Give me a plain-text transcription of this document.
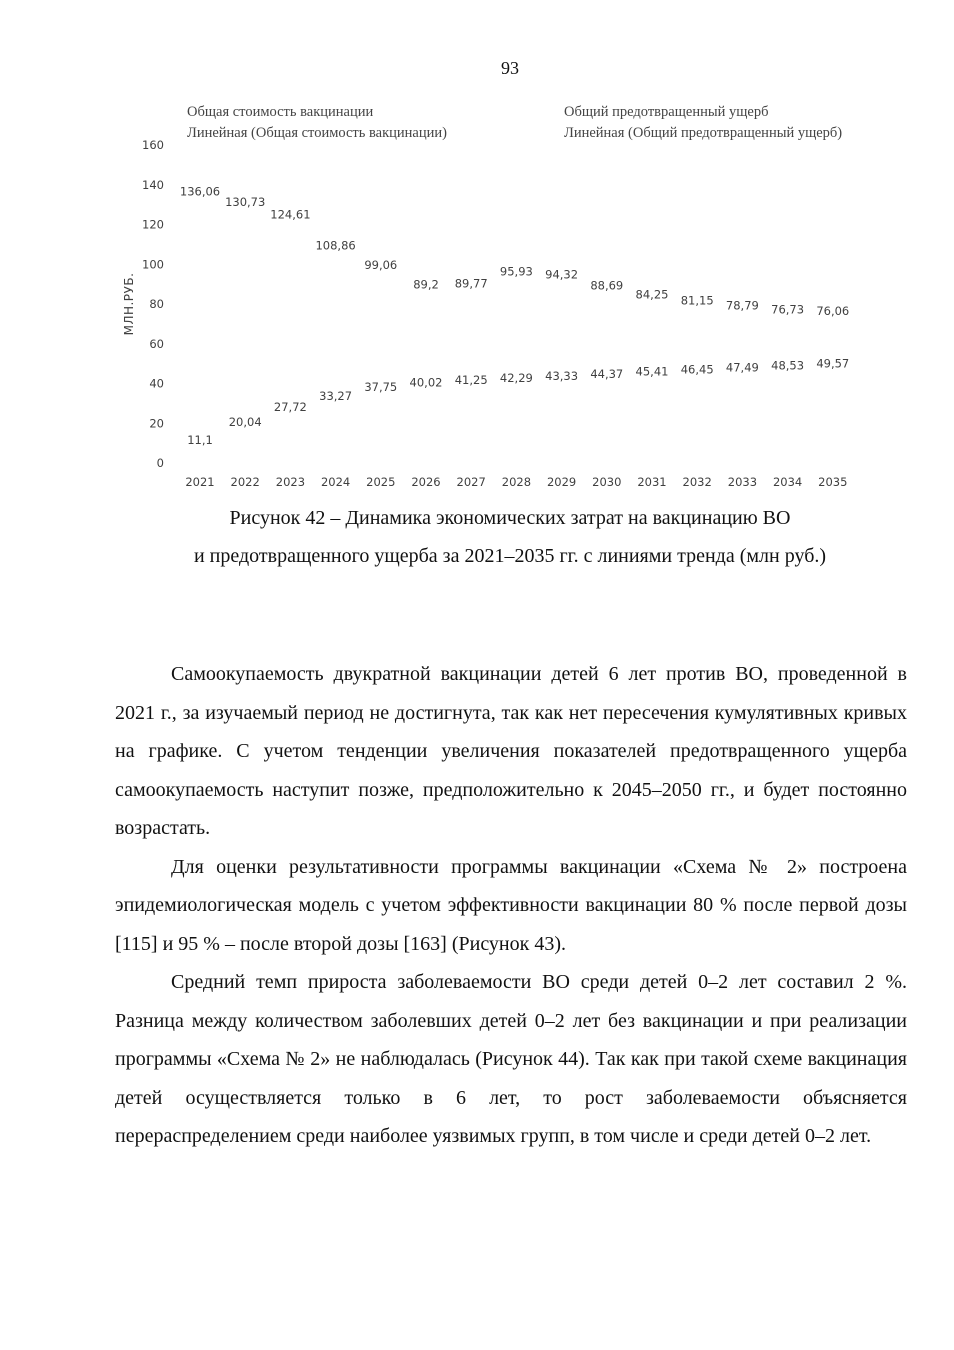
93
Общая стоимость вакцинации	Общий предотвращенный ущерб
Линейная (Общая стоимость вакцинации)	Линейная (Общий предотвращенный ущерб)
0
20
40
60
80
100
120
140
160
МЛН.РУБ.
2021 2022 2023 2024 2025 2026 2027 2028 2029 2030 2031 2032 2033 2034 2035
136,06
130,73
124,61
108,86
99,06
89,2 89,77
95,93 94,32
88,69
84,25 81,15 78,79 76,73 76,06
11,1
20,04
27,72
33,27
37,75 40,02 41,25 42,29 43,33 44,37 45,41 46,45 47,49 48,53 49,57
Рисунок 42 – Динамика экономических затрат на вакцинацию ВО
и предотвращенного ущерба за 2021–2035 гг. с линиями тренда (млн руб.)

Самоокупаемость двукратной вакцинации детей 6 лет против ВО, проведенной в 2021 г., за изучаемый период не достигнута, так как нет пересечения кумулятивных кривых на графике. С учетом тенденции увеличения показателей предотвращенного ущерба самоокупаемость наступит позже, предположительно к 2045–2050 гг., и будет постоянно возрастать.

Для оценки результативности программы вакцинации «Схема № 2» построена эпидемиологическая модель с учетом эффективности вакцинации 80 % после первой дозы [115] и 95 % – после второй дозы [163] (Рисунок 43).

Средний темп прироста заболеваемости ВО среди детей 0–2 лет составил 2 %. Разница между количеством заболевших детей 0–2 лет без вакцинации и при реализации программы «Схема № 2» не наблюдалась (Рисунок 44). Так как при такой схеме вакцинация детей осуществляется только в 6 лет, то рост заболеваемости объясняется перераспределением среди наиболее уязвимых групп, в том числе и среди детей 0–2 лет.
